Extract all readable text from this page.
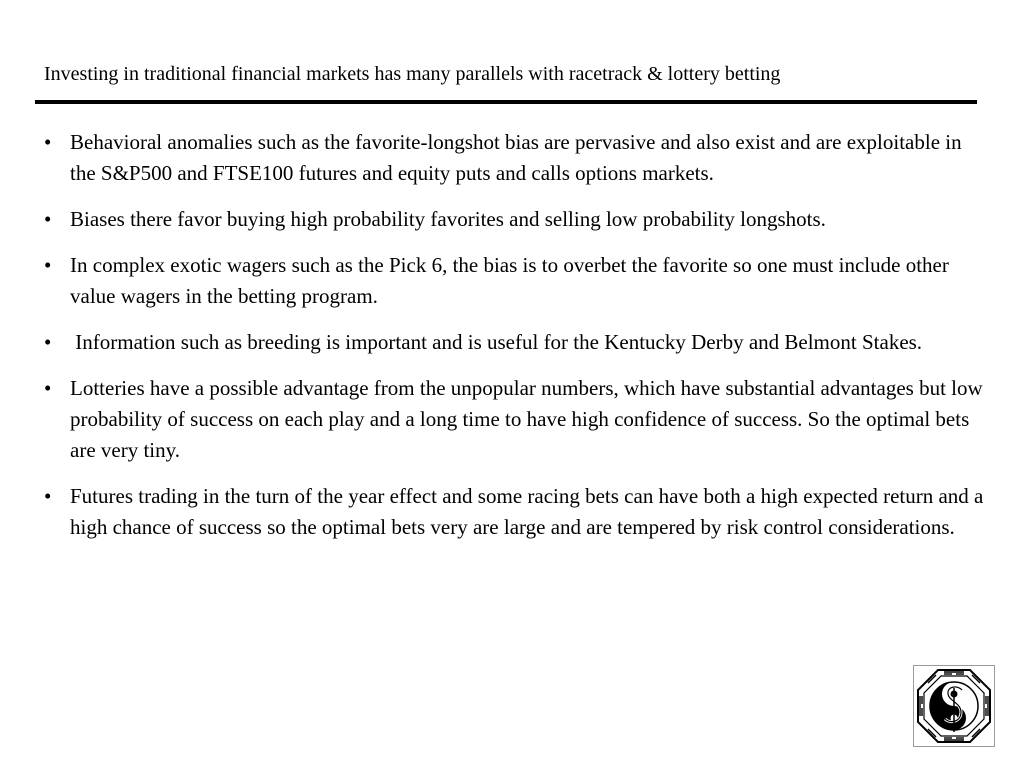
Investing in traditional financial markets has many parallels with racetrack & lottery betting
• Behavioral anomalies such as the favorite-longshot bias are pervasive and also exist and are exploitable in the S&P500 and FTSE100 futures and equity puts and calls options markets.
• Biases there favor buying high probability favorites and selling low probability longshots.
• In complex exotic wagers such as the Pick 6, the bias is to overbet the favorite so one must include other value wagers in the betting program.
• Information such as breeding is important and is useful for the Kentucky Derby and Belmont Stakes.
• Lotteries have a possible advantage from the unpopular numbers, which have substantial advantages but low probability of success on each play and a long time to have high confidence of success. So the optimal bets are very tiny.
• Futures trading in the turn of the year effect and some racing bets can have both a high expected return and a high chance of success so the optimal bets very are large and are tempered by risk control considerations.
